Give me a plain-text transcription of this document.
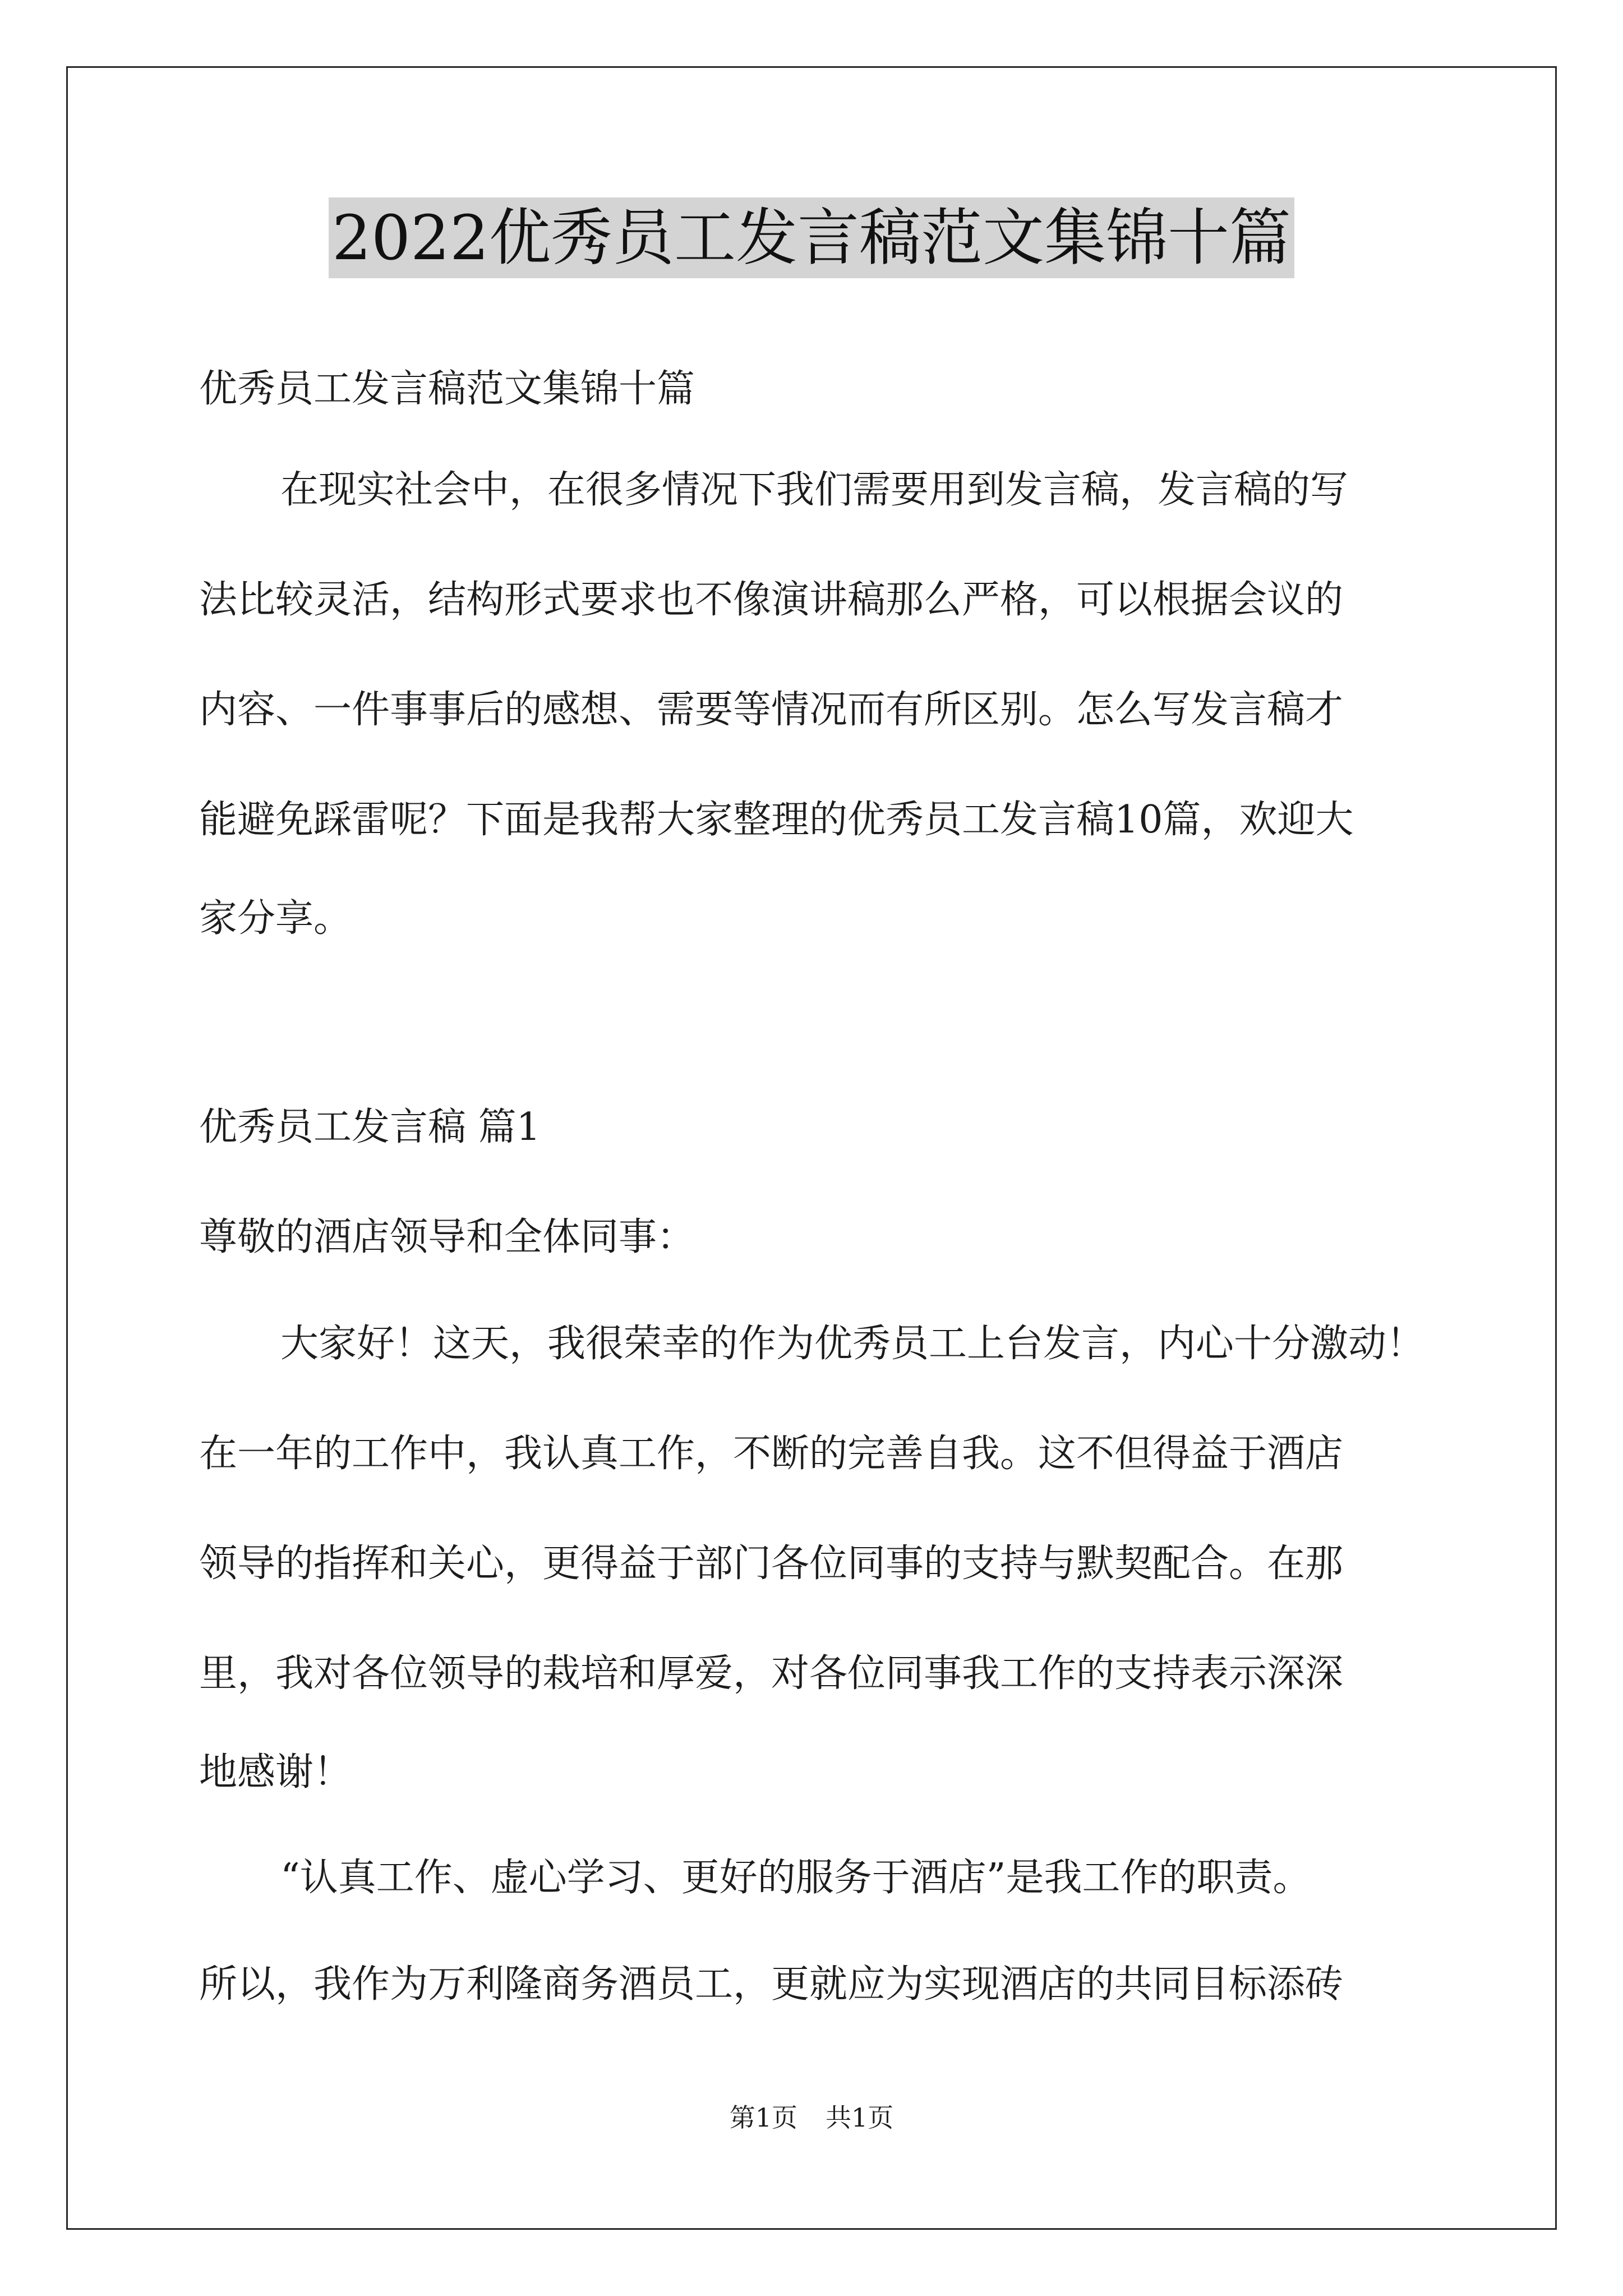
2022优秀员工发言稿范文集锦十篇
优秀员工发言稿范文集锦十篇
在现实社会中，在很多情况下我们需要用到发言稿，发言稿的写
法比较灵活，结构形式要求也不像演讲稿那么严格，可以根据会议的
内容、一件事事后的感想、需要等情况而有所区别。怎么写发言稿才
能避免踩雷呢？下面是我帮大家整理的优秀员工发言稿10篇，欢迎大
家分享。
优秀员工发言稿 篇1
尊敬的酒店领导和全体同事：
大家好！这天，我很荣幸的作为优秀员工上台发言，内心十分激动！
在一年的工作中，我认真工作，不断的完善自我。这不但得益于酒店
领导的指挥和关心，更得益于部门各位同事的支持与默契配合。在那
里，我对各位领导的栽培和厚爱，对各位同事我工作的支持表示深深
地感谢！
“认真工作、虚心学习、更好的服务于酒店”是我工作的职责。
所以，我作为万利隆商务酒员工，更就应为实现酒店的共同目标添砖
第1页 共1页
